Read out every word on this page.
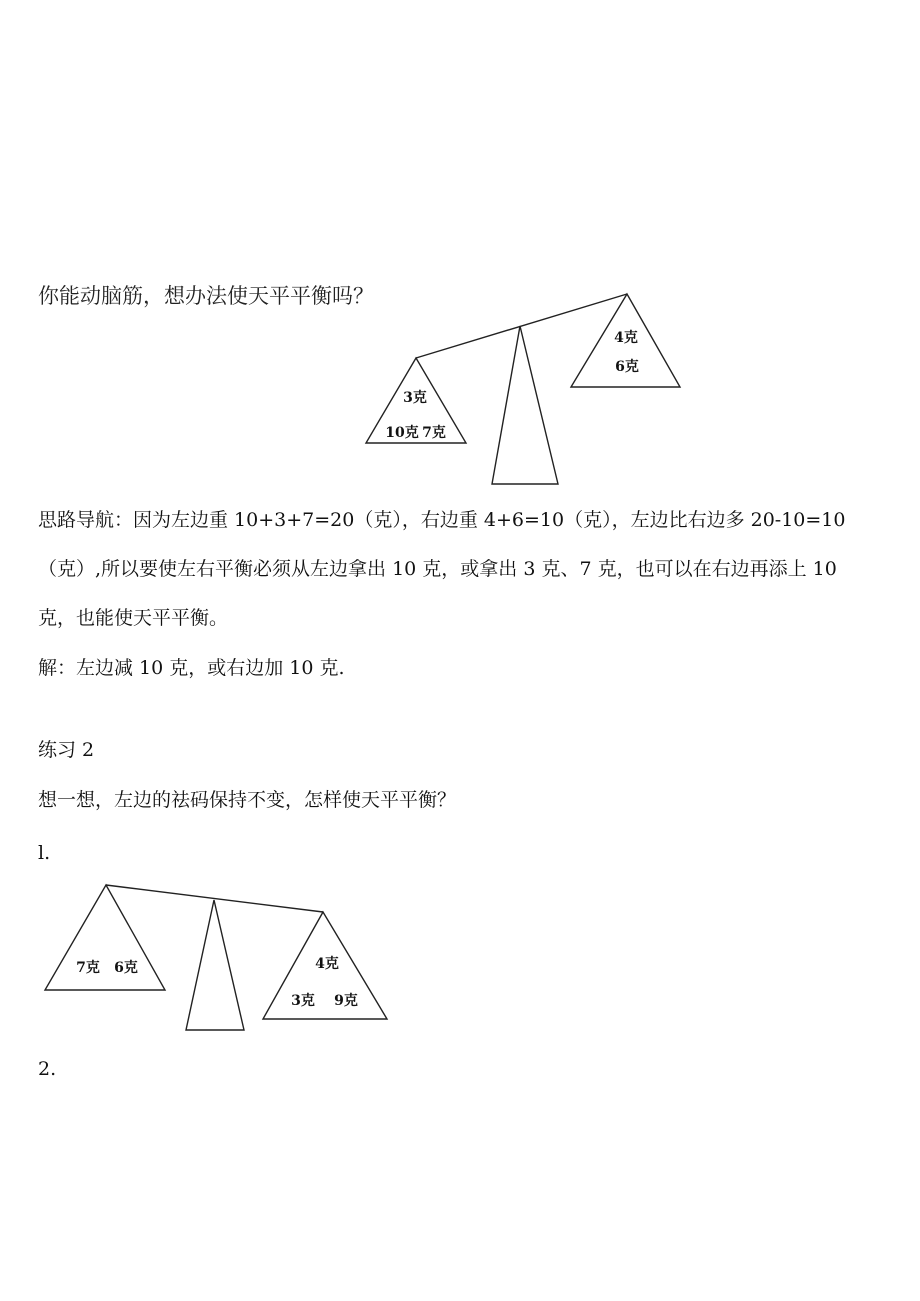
你能动脑筋，想办法使天平平衡吗？

3克
10克 7克
4克
6克

思路导航：因为左边重 10+3+7=20（克），右边重 4+6=10（克），左边比右边多 20-10=10

（克）,所以要使左右平衡必须从左边拿出 10 克，或拿出 3 克、7 克，也可以在右边再添上 10

克，也能使天平平衡。

解：左边减 10 克，或右边加 10 克.

练习 2

想一想，左边的祛码保持不变，怎样使天平平衡？

l.

7克 6克	4克
3克 9克

2.
